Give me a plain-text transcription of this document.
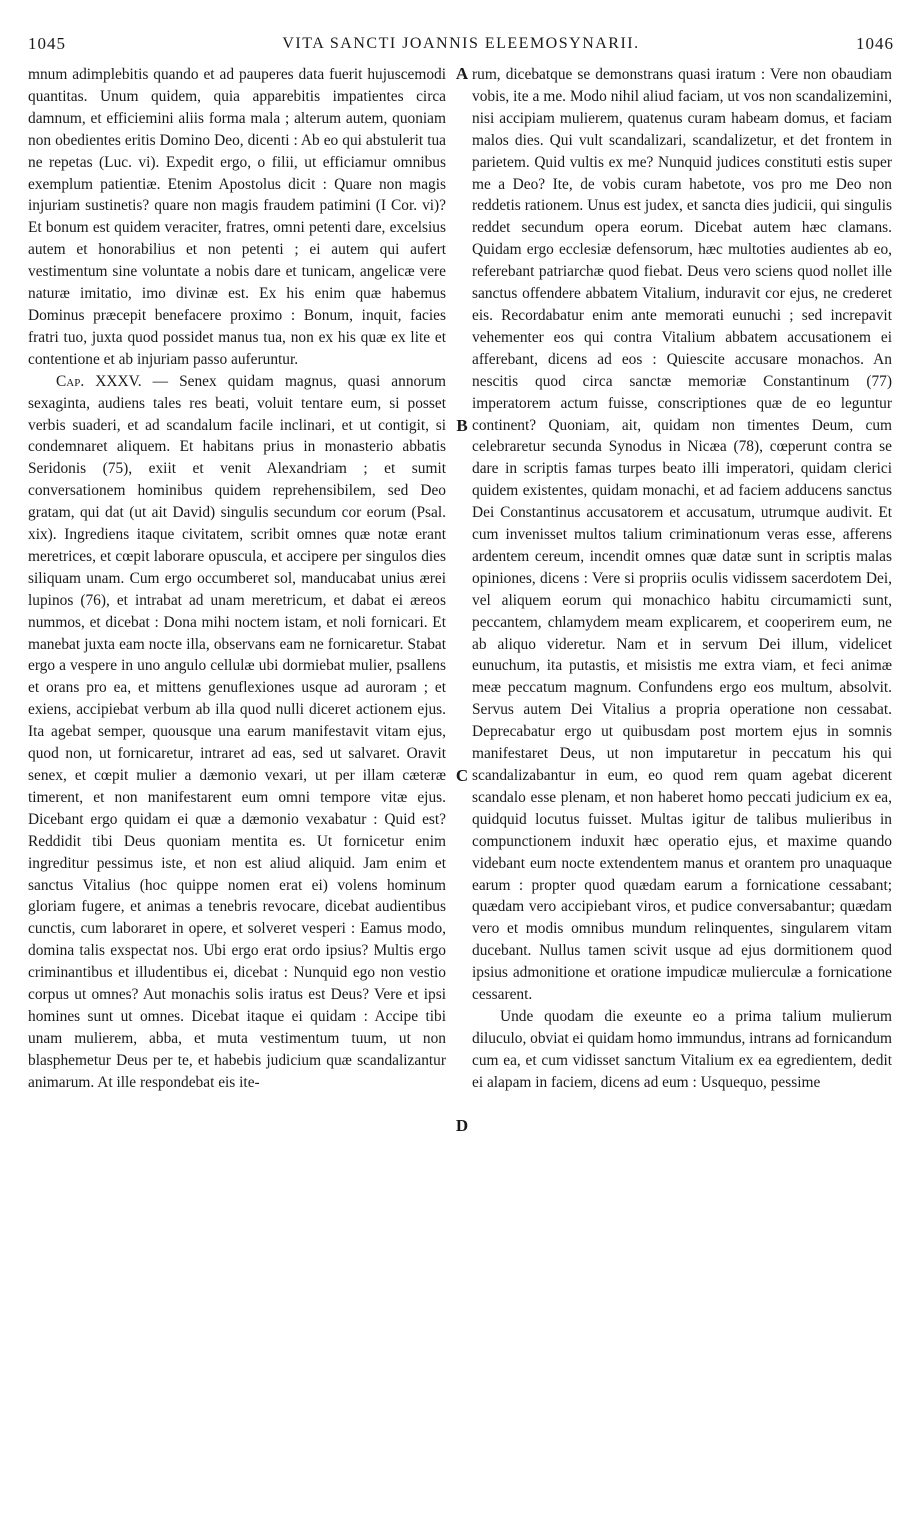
1045	VITA SANCTI JOANNIS ELEEMOSYNARII.	1046

mnum adimplebitis quando et ad pauperes data fuerit hujuscemodi quantitas. Unum quidem, quia apparebitis impatientes circa damnum, et efficiemini aliis forma mala ; alterum autem, quoniam non obedientes eritis Domino Deo, dicenti : Ab eo qui abstulerit tua ne repetas (Luc. vi). Expedit ergo, o filii, ut efficiamur omnibus exemplum patientiæ. Etenim Apostolus dicit : Quare non magis injuriam sustinetis? quare non magis fraudem patimini (I Cor. vi)? Et bonum est quidem veraciter, fratres, omni petenti dare, excelsius autem et honorabilius et non petenti ; ei autem qui aufert vestimentum sine voluntate a nobis dare et tunicam, angelicæ vere naturæ imitatio, imo divinæ est. Ex his enim quæ habemus Dominus præcepit benefacere proximo : Bonum, inquit, facies fratri tuo, juxta quod possidet manus tua, non ex his quæ ex lite et contentione et ab injuriam passo auferuntur.

Cap. XXXV. — Senex quidam magnus, quasi annorum sexaginta, audiens tales res beati, voluit tentare eum, si posset verbis suaderi, et ad scandalum facile inclinari, et ut contigit, si condemnaret aliquem. Et habitans prius in monasterio abbatis Seridonis (75), exiit et venit Alexandriam ; et sumit conversationem hominibus quidem reprehensibilem, sed Deo gratam, qui dat (ut ait David) singulis secundum cor eorum (Psal. xix). Ingrediens itaque civitatem, scribit omnes quæ notæ erant meretrices, et cœpit laborare opuscula, et accipere per singulos dies siliquam unam. Cum ergo occumberet sol, manducabat unius ærei lupinos (76), et intrabat ad unam meretricum, et dabat ei æreos nummos, et dicebat : Dona mihi noctem istam, et noli fornicari. Et manebat juxta eam nocte illa, observans eam ne fornicaretur. Stabat ergo a vespere in uno angulo cellulæ ubi dormiebat mulier, psallens et orans pro ea, et mittens genuflexiones usque ad auroram ; et exiens, accipiebat verbum ab illa quod nulli diceret actionem ejus. Ita agebat semper, quousque una earum manifestavit vitam ejus, quod non, ut fornicaretur, intraret ad eas, sed ut salvaret. Oravit senex, et cœpit mulier a dæmonio vexari, ut per illam cæteræ timerent, et non manifestarent eum omni tempore vitæ ejus. Dicebant ergo quidam ei quæ a dæmonio vexabatur : Quid est? Reddidit tibi Deus quoniam mentita es. Ut fornicetur enim ingreditur pessimus iste, et non est aliud aliquid. Jam enim et sanctus Vitalius (hoc quippe nomen erat ei) volens hominum gloriam fugere, et animas a tenebris revocare, dicebat audientibus cunctis, cum laboraret in opere, et solveret vesperi : Eamus modo, domina talis exspectat nos. Ubi ergo erat ordo ipsius? Multis ergo criminantibus et illudentibus ei, dicebat : Nunquid ego non vestio corpus ut omnes? Aut monachis solis iratus est Deus? Vere et ipsi homines sunt ut omnes. Dicebat itaque ei quidam : Accipe tibi unam mulierem, abba, et muta vestimentum tuum, ut non blasphemetur Deus per te, et habebis judicium quæ scandalizantur animarum. At ille respondebat eis ite-

rum, dicebatque se demonstrans quasi iratum : Vere non obaudiam vobis, ite a me. Modo nihil aliud faciam, ut vos non scandalizemini, nisi accipiam mulierem, quatenus curam habeam domus, et faciam malos dies. Qui vult scandalizari, scandalizetur, et det frontem in parietem. Quid vultis ex me? Nunquid judices constituti estis super me a Deo? Ite, de vobis curam habetote, vos pro me Deo non reddetis rationem. Unus est judex, et sancta dies judicii, qui singulis reddet secundum opera eorum. Dicebat autem hæc clamans. Quidam ergo ecclesiæ defensorum, hæc multoties audientes ab eo, referebant patriarchæ quod fiebat. Deus vero sciens quod nollet ille sanctus offendere abbatem Vitalium, induravit cor ejus, ne crederet eis. Recordabatur enim ante memorati eunuchi ; sed increpavit vehementer eos qui contra Vitalium abbatem accusationem ei afferebant, dicens ad eos : Quiescite accusare monachos. An nescitis quod circa sanctæ memoriæ Constantinum (77) imperatorem actum fuisse, conscriptiones quæ de eo leguntur continent? Quoniam, ait, quidam non timentes Deum, cum celebraretur secunda Synodus in Nicæa (78), cœperunt contra se dare in scriptis famas turpes beato illi imperatori, quidam clerici quidem existentes, quidam monachi, et ad faciem adducens sanctus Dei Constantinus accusatorem et accusatum, utrumque audivit. Et cum invenisset multos talium criminationum veras esse, afferens ardentem cereum, incendit omnes quæ datæ sunt in scriptis malas opiniones, dicens : Vere si propriis oculis vidissem sacerdotem Dei, vel aliquem eorum qui monachico habitu circumamicti sunt, peccantem, chlamydem meam explicarem, et cooperirem eum, ne ab aliquo videretur. Nam et in servum Dei illum, videlicet eunuchum, ita putastis, et misistis me extra viam, et feci animæ meæ peccatum magnum. Confundens ergo eos multum, absolvit. Servus autem Dei Vitalius a propria operatione non cessabat. Deprecabatur ergo ut quibusdam post mortem ejus in somnis manifestaret Deus, ut non imputaretur in peccatum his qui scandalizabantur in eum, eo quod rem quam agebat dicerent scandalo esse plenam, et non haberet homo peccati judicium ex ea, quidquid locutus fuisset. Multas igitur de talibus mulieribus in compunctionem induxit hæc operatio ejus, et maxime quando videbant eum nocte extendentem manus et orantem pro unaquaque earum : propter quod quædam earum a fornicatione cessabant; quædam vero accipiebant viros, et pudice conversabantur; quædam vero et modis omnibus mundum relinquentes, singularem vitam ducebant. Nullus tamen scivit usque ad ejus dormitionem quod ipsius admonitione et oratione impudicæ mulierculæ a fornicatione cessarent.

Unde quodam die exeunte eo a prima talium mulierum diluculo, obviat ei quidam homo immundus, intrans ad fornicandum cum ea, et cum vidisset sanctum Vitalium ex ea egredientem, dedit ei alapam in faciem, dicens ad eum : Usquequo, pessime

A
B
C
D
